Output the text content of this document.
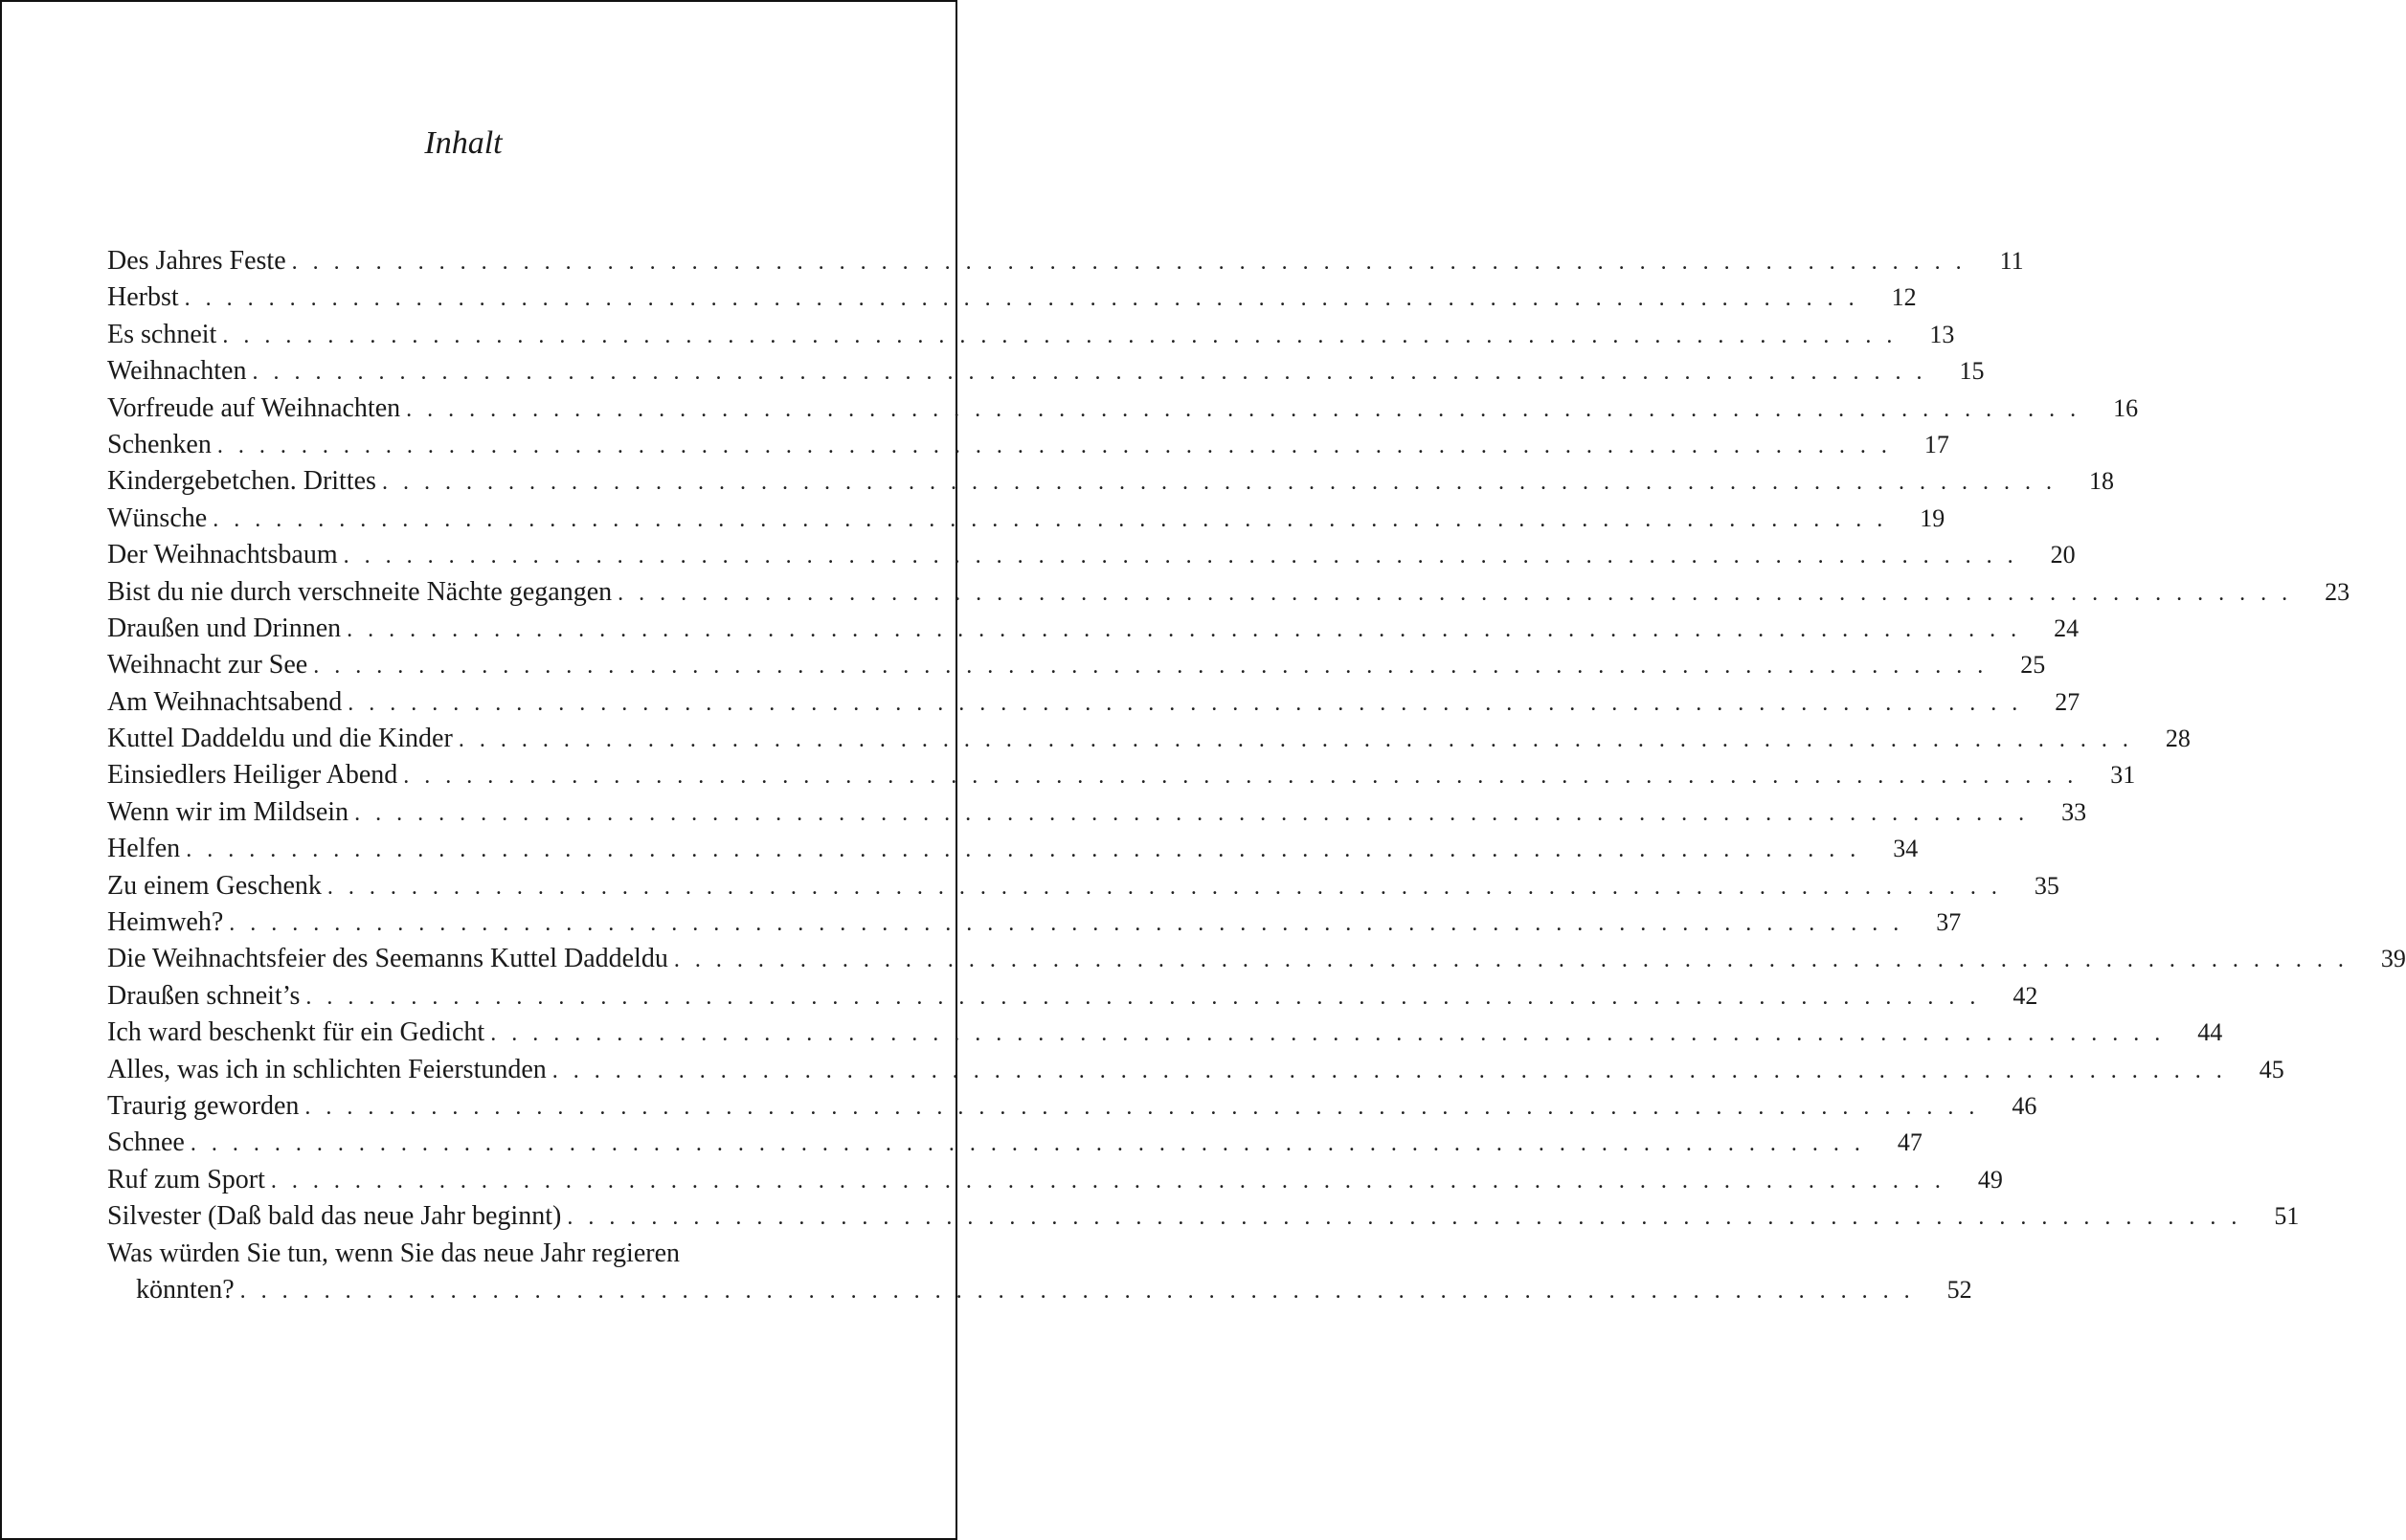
Inhalt
Des Jahres Feste . . . . . . . . . . . . . . . . . . . . . . . . . . . . . . . . . . . . . . . . . . . . . . . . . . . . . . . . . . . . . . . . . . . . . . . . . . . . . . . .	11
Herbst . . . . . . . . . . . . . . . . . . . . . . . . . . . . . . . . . . . . . . . . . . . . . . . . . . . . . . . . . . . . . . . . . . . . . . . . . . . . . . . .	12
Es schneit . . . . . . . . . . . . . . . . . . . . . . . . . . . . . . . . . . . . . . . . . . . . . . . . . . . . . . . . . . . . . . . . . . . . . . . . . . . . . . . .	13
Weihnachten . . . . . . . . . . . . . . . . . . . . . . . . . . . . . . . . . . . . . . . . . . . . . . . . . . . . . . . . . . . . . . . . . . . . . . . . . . . . . . . .	15
Vorfreude auf Weihnachten . . . . . . . . . . . . . . . . . . . . . . . . . . . . . . . . . . . . . . . . . . . . . . . . . . . . . . . . . . . . . . . . . . . . . . . . . . . . . . . .	16
Schenken . . . . . . . . . . . . . . . . . . . . . . . . . . . . . . . . . . . . . . . . . . . . . . . . . . . . . . . . . . . . . . . . . . . . . . . . . . . . . . . .	17
Kindergebetchen. Drittes . . . . . . . . . . . . . . . . . . . . . . . . . . . . . . . . . . . . . . . . . . . . . . . . . . . . . . . . . . . . . . . . . . . . . . . . . . . . . . . .	18
Wünsche . . . . . . . . . . . . . . . . . . . . . . . . . . . . . . . . . . . . . . . . . . . . . . . . . . . . . . . . . . . . . . . . . . . . . . . . . . . . . . . .	19
Der Weihnachtsbaum . . . . . . . . . . . . . . . . . . . . . . . . . . . . . . . . . . . . . . . . . . . . . . . . . . . . . . . . . . . . . . . . . . . . . . . . . . . . . . . .	20
Bist du nie durch verschneite Nächte gegangen . . . . . . . . . . . . . . . . . . . . . . . . . . . . . . . . . . . . . . . . . . . . . . . . . . . . . . . . . . . . . . . . . . . . . . . . . . . . . . . .	23
Draußen und Drinnen . . . . . . . . . . . . . . . . . . . . . . . . . . . . . . . . . . . . . . . . . . . . . . . . . . . . . . . . . . . . . . . . . . . . . . . . . . . . . . . .	24
Weihnacht zur See . . . . . . . . . . . . . . . . . . . . . . . . . . . . . . . . . . . . . . . . . . . . . . . . . . . . . . . . . . . . . . . . . . . . . . . . . . . . . . . .	25
Am Weihnachtsabend . . . . . . . . . . . . . . . . . . . . . . . . . . . . . . . . . . . . . . . . . . . . . . . . . . . . . . . . . . . . . . . . . . . . . . . . . . . . . . . .	27
Kuttel Daddeldu und die Kinder . . . . . . . . . . . . . . . . . . . . . . . . . . . . . . . . . . . . . . . . . . . . . . . . . . . . . . . . . . . . . . . . . . . . . . . . . . . . . . . .	28
Einsiedlers Heiliger Abend . . . . . . . . . . . . . . . . . . . . . . . . . . . . . . . . . . . . . . . . . . . . . . . . . . . . . . . . . . . . . . . . . . . . . . . . . . . . . . . .	31
Wenn wir im Mildsein . . . . . . . . . . . . . . . . . . . . . . . . . . . . . . . . . . . . . . . . . . . . . . . . . . . . . . . . . . . . . . . . . . . . . . . . . . . . . . . .	33
Helfen . . . . . . . . . . . . . . . . . . . . . . . . . . . . . . . . . . . . . . . . . . . . . . . . . . . . . . . . . . . . . . . . . . . . . . . . . . . . . . . .	34
Zu einem Geschenk . . . . . . . . . . . . . . . . . . . . . . . . . . . . . . . . . . . . . . . . . . . . . . . . . . . . . . . . . . . . . . . . . . . . . . . . . . . . . . . .	35
Heimweh? . . . . . . . . . . . . . . . . . . . . . . . . . . . . . . . . . . . . . . . . . . . . . . . . . . . . . . . . . . . . . . . . . . . . . . . . . . . . . . . .	37
Die Weihnachtsfeier des Seemanns Kuttel Daddeldu . . . . . . . . . . . . . . . . . . . . . . . . . . . . . . . . . . . . . . . . . . . . . . . . . . . . . . . . . . . . . . . . . . . . . . . . . . . . . . . .	39
Draußen schneit’s . . . . . . . . . . . . . . . . . . . . . . . . . . . . . . . . . . . . . . . . . . . . . . . . . . . . . . . . . . . . . . . . . . . . . . . . . . . . . . . .	42
Ich ward beschenkt für ein Gedicht . . . . . . . . . . . . . . . . . . . . . . . . . . . . . . . . . . . . . . . . . . . . . . . . . . . . . . . . . . . . . . . . . . . . . . . . . . . . . . . .	44
Alles, was ich in schlichten Feierstunden . . . . . . . . . . . . . . . . . . . . . . . . . . . . . . . . . . . . . . . . . . . . . . . . . . . . . . . . . . . . . . . . . . . . . . . . . . . . . . . .	45
Traurig geworden . . . . . . . . . . . . . . . . . . . . . . . . . . . . . . . . . . . . . . . . . . . . . . . . . . . . . . . . . . . . . . . . . . . . . . . . . . . . . . . .	46
Schnee . . . . . . . . . . . . . . . . . . . . . . . . . . . . . . . . . . . . . . . . . . . . . . . . . . . . . . . . . . . . . . . . . . . . . . . . . . . . . . . .	47
Ruf zum Sport . . . . . . . . . . . . . . . . . . . . . . . . . . . . . . . . . . . . . . . . . . . . . . . . . . . . . . . . . . . . . . . . . . . . . . . . . . . . . . . .	49
Silvester (Daß bald das neue Jahr beginnt) . . . . . . . . . . . . . . . . . . . . . . . . . . . . . . . . . . . . . . . . . . . . . . . . . . . . . . . . . . . . . . . . . . . . . . . . . . . . . . . .	51
Was würden Sie tun, wenn Sie das neue Jahr regieren
könnten? . . . . . . . . . . . . . . . . . . . . . . . . . . . . . . . . . . . . . . . . . . . . . . . . . . . . . . . . . . . . . . . . . . . . . . . . . . . . . . . .	52
